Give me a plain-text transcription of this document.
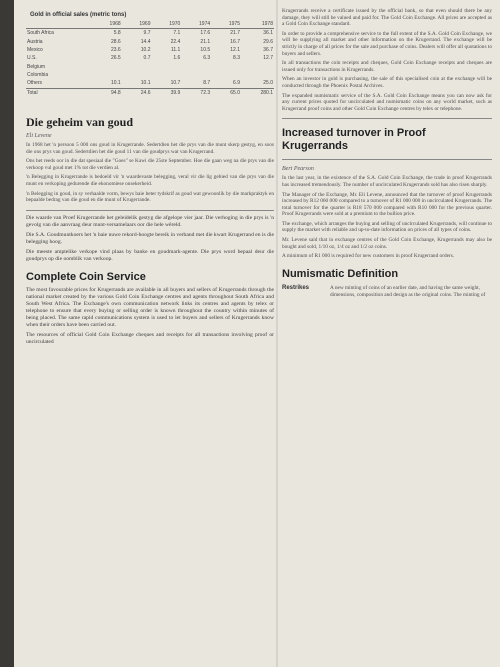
Gold in official sales (metric tons)
	1968	1969	1970	1974	1975	1978
South Africa	5.8	9.7	7.1	17.6	21.7	36.1
Austria	28.6	14.4	22.4	21.1	16.7	29.6
Mexico	23.6	10.2	11.1	10.5	12.1	36.7
U.S.	26.5	0.7	1.6	6.3	8.3	12.7
Belgium						
Colombia						
Others	10.1	10.1	10.7	8.7	6.9	25.0
Total	94.8	24.6	39.9	72.3	65.0	280.1
Die geheim van goud
Eli Levene

In 1968 het 'n persoon 5 000 ons goud in Krugerrande. Sedertdien het die prys van die munt skerp gestyg, en soos die ons prys van goud. Sedertdien het die goud 11 van die goudprys wat van Krugerrand.

Ons het reeds oor in die dat spesiaal die "Goes" se Kawi die 25ste September. Hoe die gaan weg na die prys van die verkoop vul goud met 1% tot die verdien al.

'n Belegging in Krugerrande is bedoeld vir 'n waardevaste belegging, veral vir die lig gebied van die prys van die munt en verkoping gedurende die ekonomiese onsekerheid.

'n Belegging in goud, in sy verhaalde vorm, bewys baie beter tydskrif as goud wat gewoonlik by die markpraktyk en bepaalde bedrag van die goud en die munt of Krugerrande.

Die waarde van Proef Krugerrande het geleidelik gestyg die afgelope vier jaar. Die verhoging in die prys is 'n gevolg van die aanvraag deur munt-versamelaars oor die hele wêreld.

Die S.A. Goudmuntkoers het 'n baie nuwe rekord-hoogte bereik in verband met die kwart Krugerrand en is die belegging hoog.

Die meeste amptelike verkope vind plaas by banke en goudmark-agente. Die prys word bepaal deur die goudprys op die oomblik van verkoop.

Complete Coin Service

The most favourable prices for Krugerrands are available in all buyers and sellers of Krugerrands through the national market created by the various Gold Coin Exchange centres and agents throughout South Africa and South West Africa. The Exchange's own communication network links its centres and agents by telex or telephone to ensure that every buying or selling order is known throughout the country within minutes of being placed. The same rapid communications system is used to let buyers and sellers of Krugerrands know when their orders have been carried out.

The resources of official Gold Coin Exchange cheques and receipts for all transactions involving proof or uncirculated

Krugerrands receive a certificate issued by the official bank, so that even should there be any damage, they will still be valued and paid for. The Gold Coin Exchange. All prices are accepted as a Gold Coin Exchange standard.

In order to provide a comprehensive service to the full extent of the S.A. Gold Coin Exchange, we will be supplying all market and other information on the Krugerrand. The exchange will be strictly in charge of all prices for the sale and purchase of coins. Dealers will offer all quotations to buyers and sellers.

In all transactions the coin receipts and cheques, Gold Coin Exchange receipts and cheques are issued only for transactions in Krugerrands.

When an investor in gold is purchasing, the sale of this specialised coin at the exchange will be conducted through the Phoenix Postal Archives.

The expanded numismatic service of the S.A. Gold Coin Exchange means you can now ask for any current prices quoted for uncirculated and numismatic coins on any world market, such as Krugerrand proof coins and other Gold Coin Exchange centres by telex or telephone.

Increased turnover in Proof Krugerrands
Bert Pearson

In the last year, in the existence of the S.A. Gold Coin Exchange, the trade in proof Krugerrands has increased tremendously. The number of uncirculated Krugerrands sold has also risen sharply.

The Manager of the Exchange, Mr. Eli Levene, announced that the turnover of proof Krugerrands increased by R12 060 000 compared to a turnover of R1 000 000 in uncirculated Krugerrands. The total turnover for the quarter is R18 570 000 compared with R10 000 for the previous quarter. Proof Krugerrands were sold at a premium to the bullion price.

The exchange, which arranges the buying and selling of uncirculated Krugerrands, will continue to supply the market with reliable and up-to-date information on prices of all types of coins.

Mr. Levene said that in exchange centres of the Gold Coin Exchange, Krugerrands may also be bought and sold, 1/10 oz, 1/4 oz and 1/2 oz coins.

A minimum of R1 000 is required for new customers in proof Krugerrand orders.

Numismatic Definition
Restrikes	A new minting of coins of an earlier date, and having the same weight, dimensions, composition and design as the original coins. The minting of
